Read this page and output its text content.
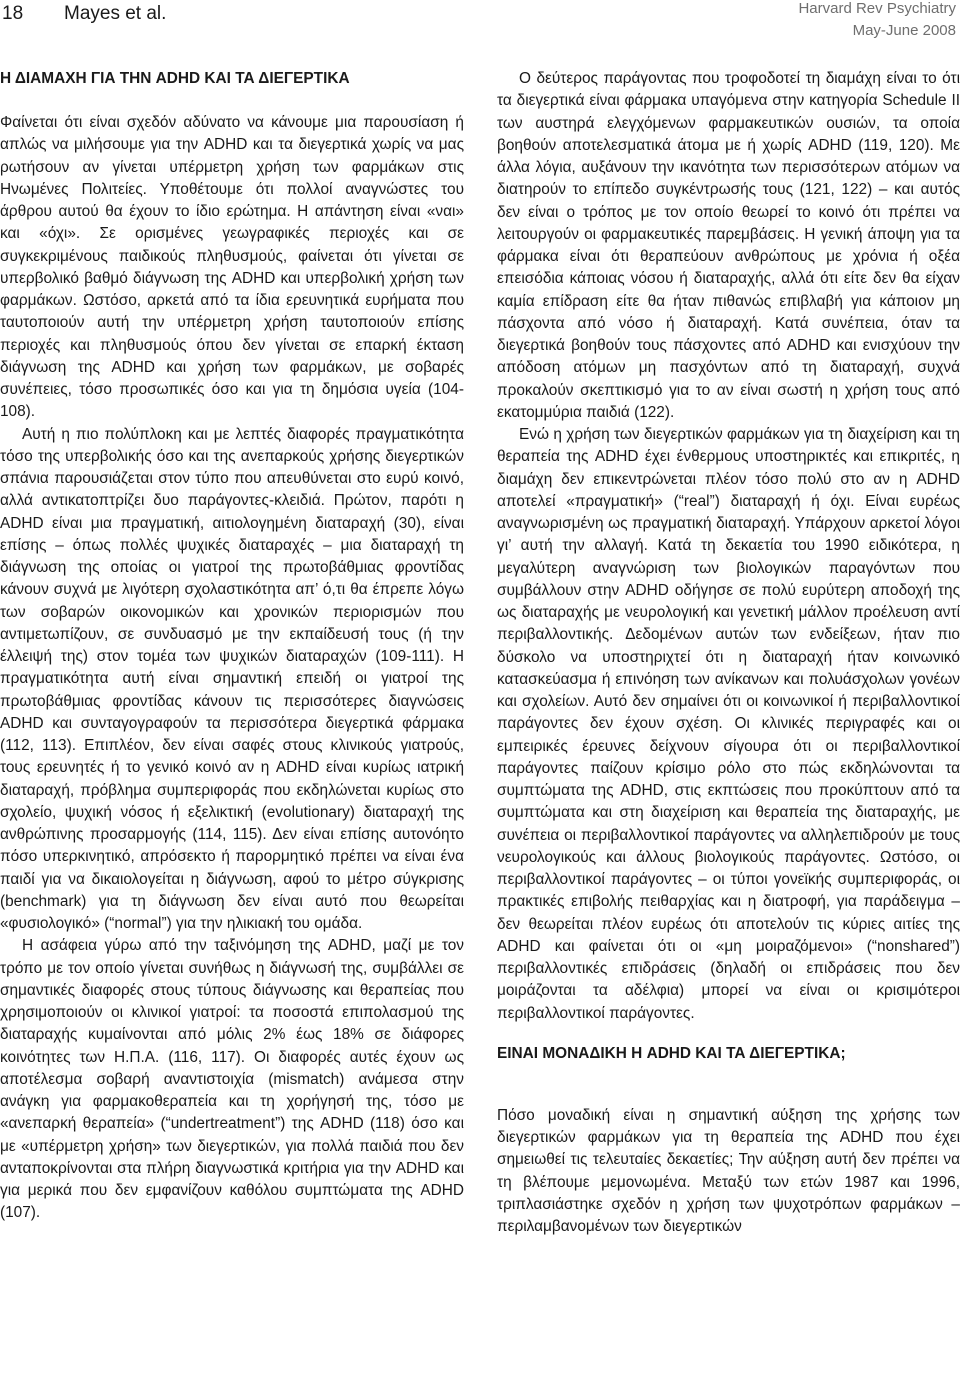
18 Mayes et al.	Harvard Rev Psychiatry
May-June 2008
Η ΔΙΑΜΑΧΗ ΓΙΑ ΤΗΝ ADHD ΚΑΙ ΤΑ ΔΙΕΓΕΡΤΙΚΑ

Φαίνεται ότι είναι σχεδόν αδύνατο να κάνουμε μια παρουσίαση ή απλώς να μιλήσουμε για την ADHD και τα διεγερτικά χωρίς να μας ρωτήσουν αν γίνεται υπέρμετρη χρήση των φαρμάκων στις Ηνωμένες Πολιτείες. Υποθέτουμε ότι πολλοί αναγνώστες του άρθρου αυτού θα έχουν το ίδιο ερώτημα. Η απάντηση είναι «ναι» και «όχι». Σε ορισμένες γεωγραφικές περιοχές και σε συγκεκριμένους παιδικούς πληθυσμούς, φαίνεται ότι γίνεται σε υπερβολικό βαθμό διάγνωση της ADHD και υπερβολική χρήση των φαρμάκων. Ωστόσο, αρκετά από τα ίδια ερευνητικά ευρήματα που ταυτοποιούν αυτή την υπέρμετρη χρήση ταυτοποιούν επίσης περιοχές και πληθυσμούς όπου δεν γίνεται σε επαρκή έκταση διάγνωση της ADHD και χρήση των φαρμάκων, με σοβαρές συνέπειες, τόσο προσωπικές όσο και για τη δημόσια υγεία (104-108).

Αυτή η πιο πολύπλοκη και με λεπτές διαφορές πραγματικότητα τόσο της υπερβολικής όσο και της ανεπαρκούς χρήσης διεγερτικών σπάνια παρουσιάζεται στον τύπο που απευθύνεται στο ευρύ κοινό, αλλά αντικατοπτρίζει δυο παράγοντες-κλειδιά. Πρώτον, παρότι η ADHD είναι μια πραγματική, αιτιολογημένη διαταραχή (30), είναι επίσης – όπως πολλές ψυχικές διαταραχές – μια διαταραχή τη διάγνωση της οποίας οι γιατροί της πρωτοβάθμιας φροντίδας κάνουν συχνά με λιγότερη σχολαστικότητα απ’ ό,τι θα έπρεπε λόγω των σοβαρών οικονομικών και χρονικών περιορισμών που αντιμετωπίζουν, σε συνδυασμό με την εκπαίδευσή τους (ή την έλλειψή της) στον τομέα των ψυχικών διαταραχών (109-111). Η πραγματικότητα αυτή είναι σημαντική επειδή οι γιατροί της πρωτοβάθμιας φροντίδας κάνουν τις περισσότερες διαγνώσεις ADHD και συνταγογραφούν τα περισσότερα διεγερτικά φάρμακα (112, 113). Επιπλέον, δεν είναι σαφές στους κλινικούς γιατρούς, τους ερευνητές ή το γενικό κοινό αν η ADHD είναι κυρίως ιατρική διαταραχή, πρόβλημα συμπεριφοράς που εκδηλώνεται κυρίως στο σχολείο, ψυχική νόσος ή εξελικτική (evolutionary) διαταραχή της ανθρώπινης προσαρμογής (114, 115). Δεν είναι επίσης αυτονόητο πόσο υπερκινητικό, απρόσεκτο ή παρορμητικό πρέπει να είναι ένα παιδί για να δικαιολογείται η διάγνωση, αφού το μέτρο σύγκρισης (benchmark) για τη διάγνωση δεν είναι αυτό που θεωρείται «φυσιολογικό» (“normal”) για την ηλικιακή του ομάδα.

Η ασάφεια γύρω από την ταξινόμηση της ADHD, μαζί με τον τρόπο με τον οποίο γίνεται συνήθως η διάγνωσή της, συμβάλλει σε σημαντικές διαφορές στους τύπους διάγνωσης και θεραπείας που χρησιμοποιούν οι κλινικοί γιατροί: τα ποσοστά επιπολασμού της διαταραχής κυμαίνονται από μόλις 2% έως 18% σε διάφορες κοινότητες των Η.Π.Α. (116, 117). Οι διαφορές αυτές έχουν ως αποτέλεσμα σοβαρή αναντιστοιχία (mismatch) ανάμεσα στην ανάγκη για φαρμακοθεραπεία και τη χορήγησή της, τόσο με «ανεπαρκή θεραπεία» (“undertreatment”) της ADHD (118) όσο και με «υπέρμετρη χρήση» των διεγερτικών, για πολλά παιδιά που δεν ανταποκρίνονται στα πλήρη διαγνωστικά κριτήρια για την ADHD και για μερικά που δεν εμφανίζουν καθόλου συμπτώματα της ADHD (107).

Ο δεύτερος παράγοντας που τροφοδοτεί τη διαμάχη είναι το ότι τα διεγερτικά είναι φάρμακα υπαγόμενα στην κατηγορία Schedule II των αυστηρά ελεγχόμενων φαρμακευτικών ουσιών, τα οποία βοηθούν αποτελεσματικά άτομα με ή χωρίς ADHD (119, 120). Με άλλα λόγια, αυξάνουν την ικανότητα των περισσότερων ατόμων να διατηρούν το επίπεδο συγκέντρωσής τους (121, 122) – και αυτός δεν είναι ο τρόπος με τον οποίο θεωρεί το κοινό ότι πρέπει να λειτουργούν οι φαρμακευτικές παρεμβάσεις. Η γενική άποψη για τα φάρμακα είναι ότι θεραπεύουν ανθρώπους με χρόνια ή οξέα επεισόδια κάποιας νόσου ή διαταραχής, αλλά ότι είτε δεν θα είχαν καμία επίδραση είτε θα ήταν πιθανώς επιβλαβή για κάποιον μη πάσχοντα από νόσο ή διαταραχή. Κατά συνέπεια, όταν τα διεγερτικά βοηθούν τους πάσχοντες από ADHD και ενισχύουν την απόδοση ατόμων μη πασχόντων από τη διαταραχή, συχνά προκαλούν σκεπτικισμό για το αν είναι σωστή η χρήση τους από εκατομμύρια παιδιά (122).

Ενώ η χρήση των διεγερτικών φαρμάκων για τη διαχείριση και τη θεραπεία της ADHD έχει ένθερμους υποστηρικτές και επικριτές, η διαμάχη δεν επικεντρώνεται πλέον τόσο πολύ στο αν η ADHD αποτελεί «πραγματική» (“real”) διαταραχή ή όχι. Είναι ευρέως αναγνωρισμένη ως πραγματική διαταραχή. Υπάρχουν αρκετοί λόγοι γι’ αυτή την αλλαγή. Κατά τη δεκαετία του 1990 ειδικότερα, η μεγαλύτερη αναγνώριση των βιολογικών παραγόντων που συμβάλλουν στην ADHD οδήγησε σε πολύ ευρύτερη αποδοχή της ως διαταραχής με νευρολογική και γενετική μάλλον προέλευση αντί περιβαλλοντικής. Δεδομένων αυτών των ενδείξεων, ήταν πιο δύσκολο να υποστηριχτεί ότι η διαταραχή ήταν κοινωνικό κατασκεύασμα ή επινόηση των ανίκανων και πολυάσχολων γονέων και σχολείων. Αυτό δεν σημαίνει ότι οι κοινωνικοί ή περιβαλλοντικοί παράγοντες δεν έχουν σχέση. Οι κλινικές περιγραφές και οι εμπειρικές έρευνες δείχνουν σίγουρα ότι οι περιβαλλοντικοί παράγοντες παίζουν κρίσιμο ρόλο στο πώς εκδηλώνονται τα συμπτώματα της ADHD, στις εκπτώσεις που προκύπτουν από τα συμπτώματα και στη διαχείριση και θεραπεία της διαταραχής, με συνέπεια οι περιβαλλοντικοί παράγοντες να αλληλεπιδρούν με τους νευρολογικούς και άλλους βιολογικούς παράγοντες. Ωστόσο, οι περιβαλλοντικοί παράγοντες – οι τύποι γονεϊκής συμπεριφοράς, οι πρακτικές επιβολής πειθαρχίας και η διατροφή, για παράδειγμα – δεν θεωρείται πλέον ευρέως ότι αποτελούν τις κύριες αιτίες της ADHD και φαίνεται ότι οι «μη μοιραζόμενοι» (“nonshared”) περιβαλλοντικές επιδράσεις (δηλαδή οι επιδράσεις που δεν μοιράζονται τα αδέλφια) μπορεί να είναι οι κρισιμότεροι περιβαλλοντικοί παράγοντες.

ΕΙΝΑΙ ΜΟΝΑΔΙΚΗ Η ADHD ΚΑΙ ΤΑ ΔΙΕΓΕΡΤΙΚΑ;

Πόσο μοναδική είναι η σημαντική αύξηση της χρήσης των διεγερτικών φαρμάκων για τη θεραπεία της ADHD που έχει σημειωθεί τις τελευταίες δεκαετίες; Την αύξηση αυτή δεν πρέπει να τη βλέπουμε μεμονωμένα. Μεταξύ των ετών 1987 και 1996, τριπλασιάστηκε σχεδόν η χρήση των ψυχοτρόπων φαρμάκων – περιλαμβανομένων των διεγερτικών
